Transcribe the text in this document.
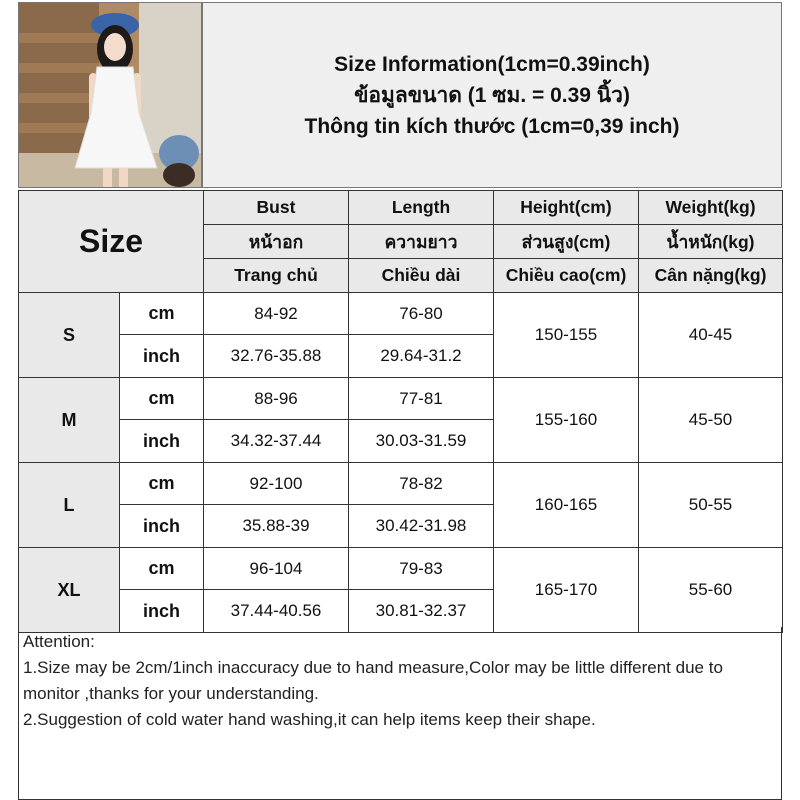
Size Information(1cm=0.39inch)
ข้อมูลขนาด (1 ซม. = 0.39 นิ้ว)
Thông tin kích thước (1cm=0,39 inch)
Size		Bust	Length	Height(cm)	Weight(kg)
		หน้าอก	ความยาว	ส่วนสูง(cm)	น้ำหนัก(kg)
		Trang chủ	Chiều dài	Chiều cao(cm)	Cân nặng(kg)
S	cm	84-92	76-80	150-155	40-45
	inch	32.76-35.88	29.64-31.2		
M	cm	88-96	77-81	155-160	45-50
	inch	34.32-37.44	30.03-31.59		
L	cm	92-100	78-82	160-165	50-55
	inch	35.88-39	30.42-31.98		
XL	cm	96-104	79-83	165-170	55-60
	inch	37.44-40.56	30.81-32.37		
Attention:
1.Size may be 2cm/1inch inaccuracy due to hand measure,Color may be little different due to monitor ,thanks for your understanding.
2.Suggestion of cold water hand washing,it can help items keep their shape.
